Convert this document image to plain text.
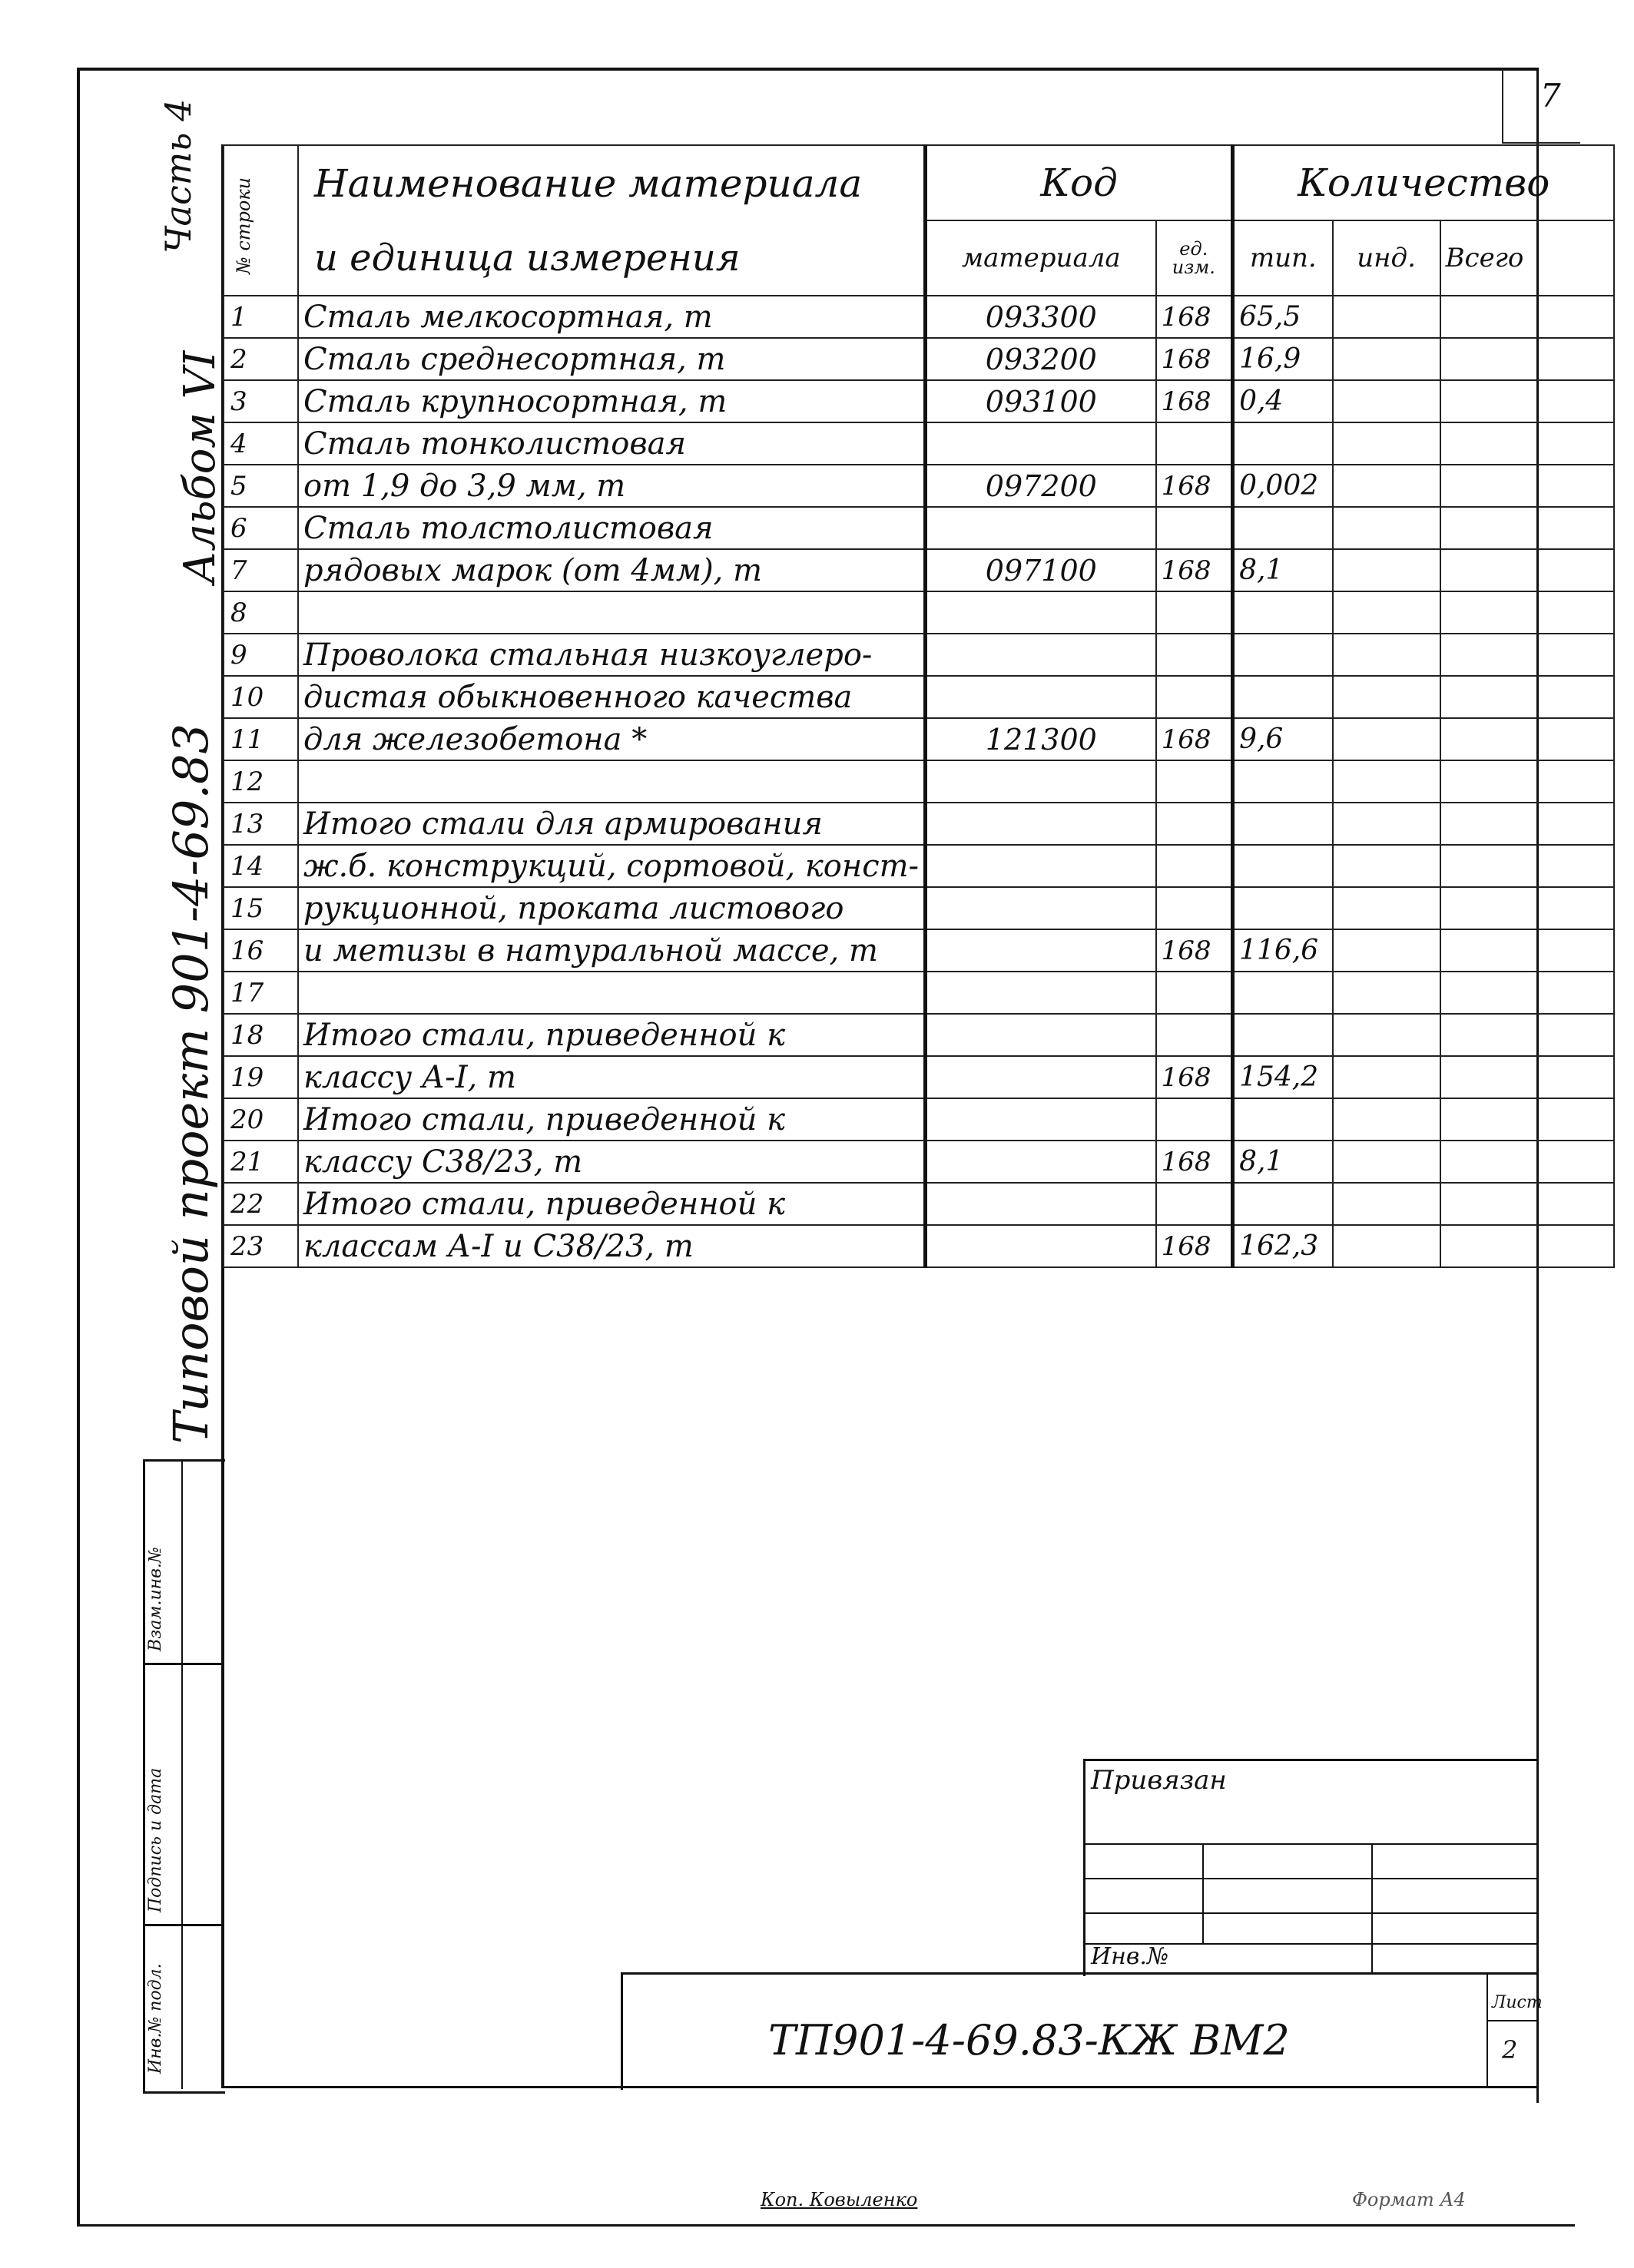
7
Часть 4
Альбом VI
Типовой проект 901-4-69.83
Инв.№ подл.
Подпись и дата
Взам.инв.№
№ строки	Наименование материала	Код		Количество		
	и единица измерения	материала	ед. изм.	тип.	инд.	Всего
1	Сталь мелкосортная, т	093300	168	65,5		
2	Сталь среднесортная, т	093200	168	16,9		
3	Сталь крупносортная, т	093100	168	0,4		
4	Сталь тонколистовая					
5	от 1,9 до 3,9 мм, т	097200	168	0,002		
6	Сталь толстолистовая					
7	рядовых марок (от 4мм), т	097100	168	8,1		
8						
9	Проволока стальная низкоуглеро-					
10	дистая обыкновенного качества					
11	для железобетона *	121300	168	9,6		
12						
13	Итого стали для армирования					
14	ж.б. конструкций, сортовой, конст-					
15	рукционной, проката листового					
16	и метизы в натуральной массе, т		168	116,6		
17						
18	Итого стали, приведенной к					
19	классу А-I, т		168	154,2		
20	Итого стали, приведенной к					
21	классу С38/23, т		168	8,1		
22	Итого стали, приведенной к					
23	классам А-I и С38/23, т		168	162,3		
Привязан
Инв.№
ТП901-4-69.83-КЖ ВМ2
Лист
2
Коп. Ковыленко	Формат А4
